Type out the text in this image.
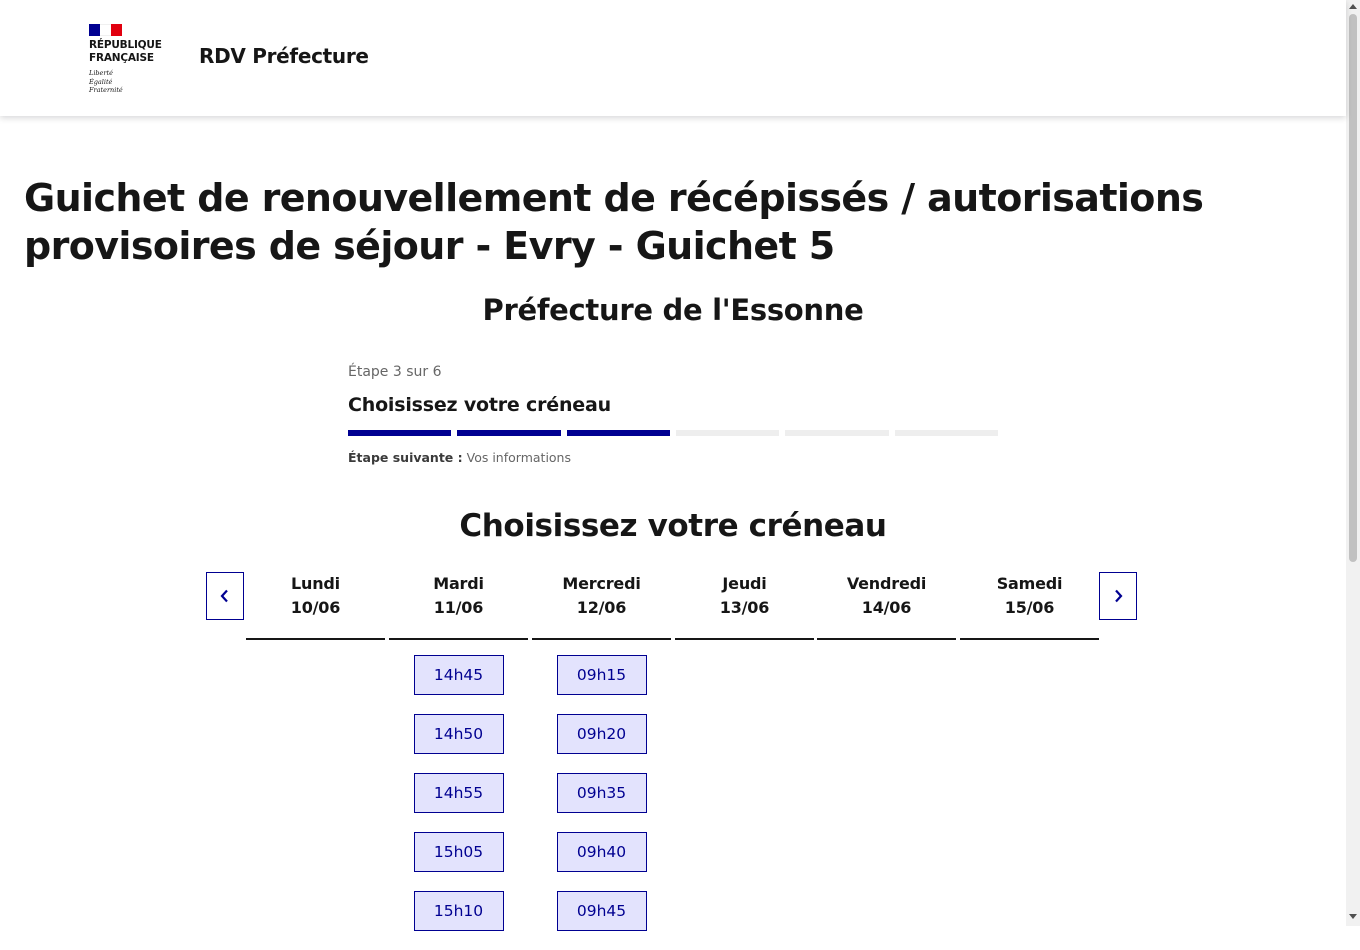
RÉPUBLIQUE
FRANÇAISE
Liberté
Égalité
Fraternité
RDV Préfecture
Guichet de renouvellement de récépissés / autorisations provisoires de séjour - Evry - Guichet 5
Préfecture de l'Essonne
Étape 3 sur 6
Choisissez votre créneau
Étape suivante : Vos informations
Choisissez votre créneau
Lundi
10/06
Mardi
11/06
14h45
14h50
14h55
15h05
15h10
Mercredi
12/06
09h15
09h20
09h35
09h40
09h45
Jeudi
13/06
Vendredi
14/06
Samedi
15/06
